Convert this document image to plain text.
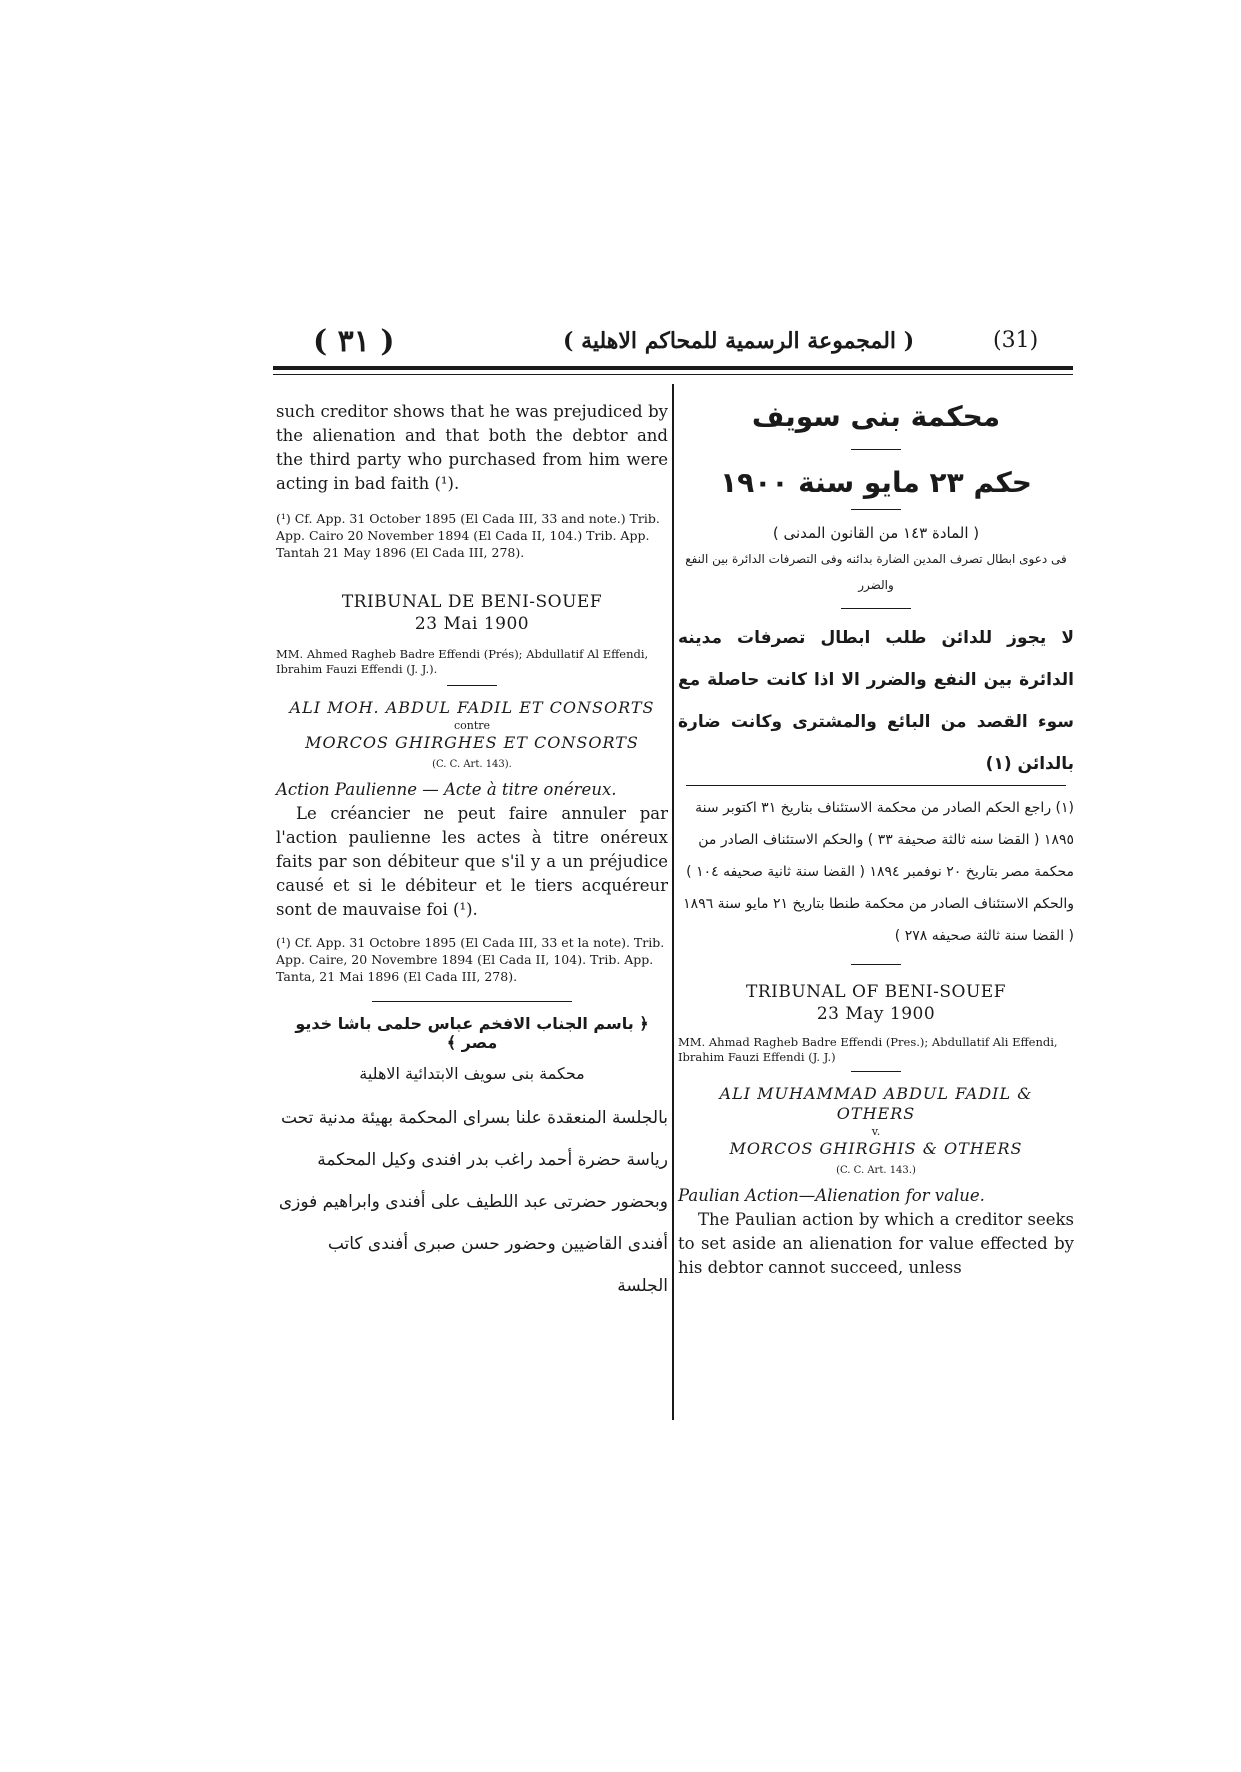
( ٣١ )	( المجموعة الرسمية للمحاكم الاهلية )	(31)

such creditor shows that he was prejudiced by the alienation and that both the debtor and the third party who purchased from him were acting in bad faith (¹).

(¹) Cf. App. 31 October 1895 (El Cada III, 33 and note.) Trib. App. Cairo 20 November 1894 (El Cada II, 104.) Trib. App. Tantah 21 May 1896 (El Cada III, 278).

TRIBUNAL DE BENI-SOUEF
23 Mai 1900

MM. Ahmed Ragheb Badre Effendi (Prés); Abdullatif Al Effendi, Ibrahim Fauzi Effendi (J. J.).

ALI MOH. ABDUL FADIL ET CONSORTS

contre

MORCOS GHIRGHES ET CONSORTS

(C. C. Art. 143).

Action Paulienne — Acte à titre onéreux.

Le créancier ne peut faire annuler par l'action paulienne les actes à titre onéreux faits par son débiteur que s'il y a un préjudice causé et si le débiteur et le tiers acquéreur sont de mauvaise foi (¹).

(¹) Cf. App. 31 Octobre 1895 (El Cada III, 33 et la note). Trib. App. Caire, 20 Novembre 1894 (El Cada II, 104). Trib. App. Tanta, 21 Mai 1896 (El Cada III, 278).

﴿ باسم الجناب الافخم عباس حلمى باشا خديو مصر ﴾
محكمة بنى سويف الابتدائية الاهلية

بالجلسة المنعقدة علنا بسراى المحكمة بهيئة مدنية تحت رياسة حضرة أحمد راغب بدر افندى وكيل المحكمة وبحضور حضرتى عبد اللطيف على أفندى وابراهيم فوزى أفندى القاضيين وحضور حسن صبرى أفندى كاتب الجلسة

محكمة بنى سويف
حكم ٢٣ مايو سنة ١٩٠٠
( المادة ١٤٣ من القانون المدنى )
فى دعوى ابطال تصرف المدين الضارة بدائنه وفى التصرفات الدائرة بين النفع والضرر

لا يجوز للدائن طلب ابطال تصرفات مدينه الدائرة بين النفع والضرر الا اذا كانت حاصلة مع سوء القصد من البائع والمشترى وكانت ضارة بالدائن (١)

(١) راجع الحكم الصادر من محكمة الاستئناف بتاريخ ٣١ اكتوبر سنة ١٨٩٥ ( القضا سنه ثالثة صحيفة ٣٣ ) والحكم الاستئناف الصادر من محكمة مصر بتاريخ ٢٠ نوفمبر ١٨٩٤ ( القضا سنة ثانية صحيفه ١٠٤ ) والحكم الاستئناف الصادر من محكمة طنطا بتاريخ ٢١ مايو سنة ١٨٩٦ ( القضا سنة ثالثة صحيفه ٢٧٨ )

TRIBUNAL OF BENI-SOUEF
23 May 1900

MM. Ahmad Ragheb Badre Effendi (Pres.); Abdullatif Ali Effendi, Ibrahim Fauzi Effendi (J. J.)

ALI MUHAMMAD ABDUL FADIL & OTHERS

v.

MORCOS GHIRGHIS & OTHERS

(C. C. Art. 143.)

Paulian Action—Alienation for value.

The Paulian action by which a creditor seeks to set aside an alienation for value effected by his debtor cannot succeed, unless
